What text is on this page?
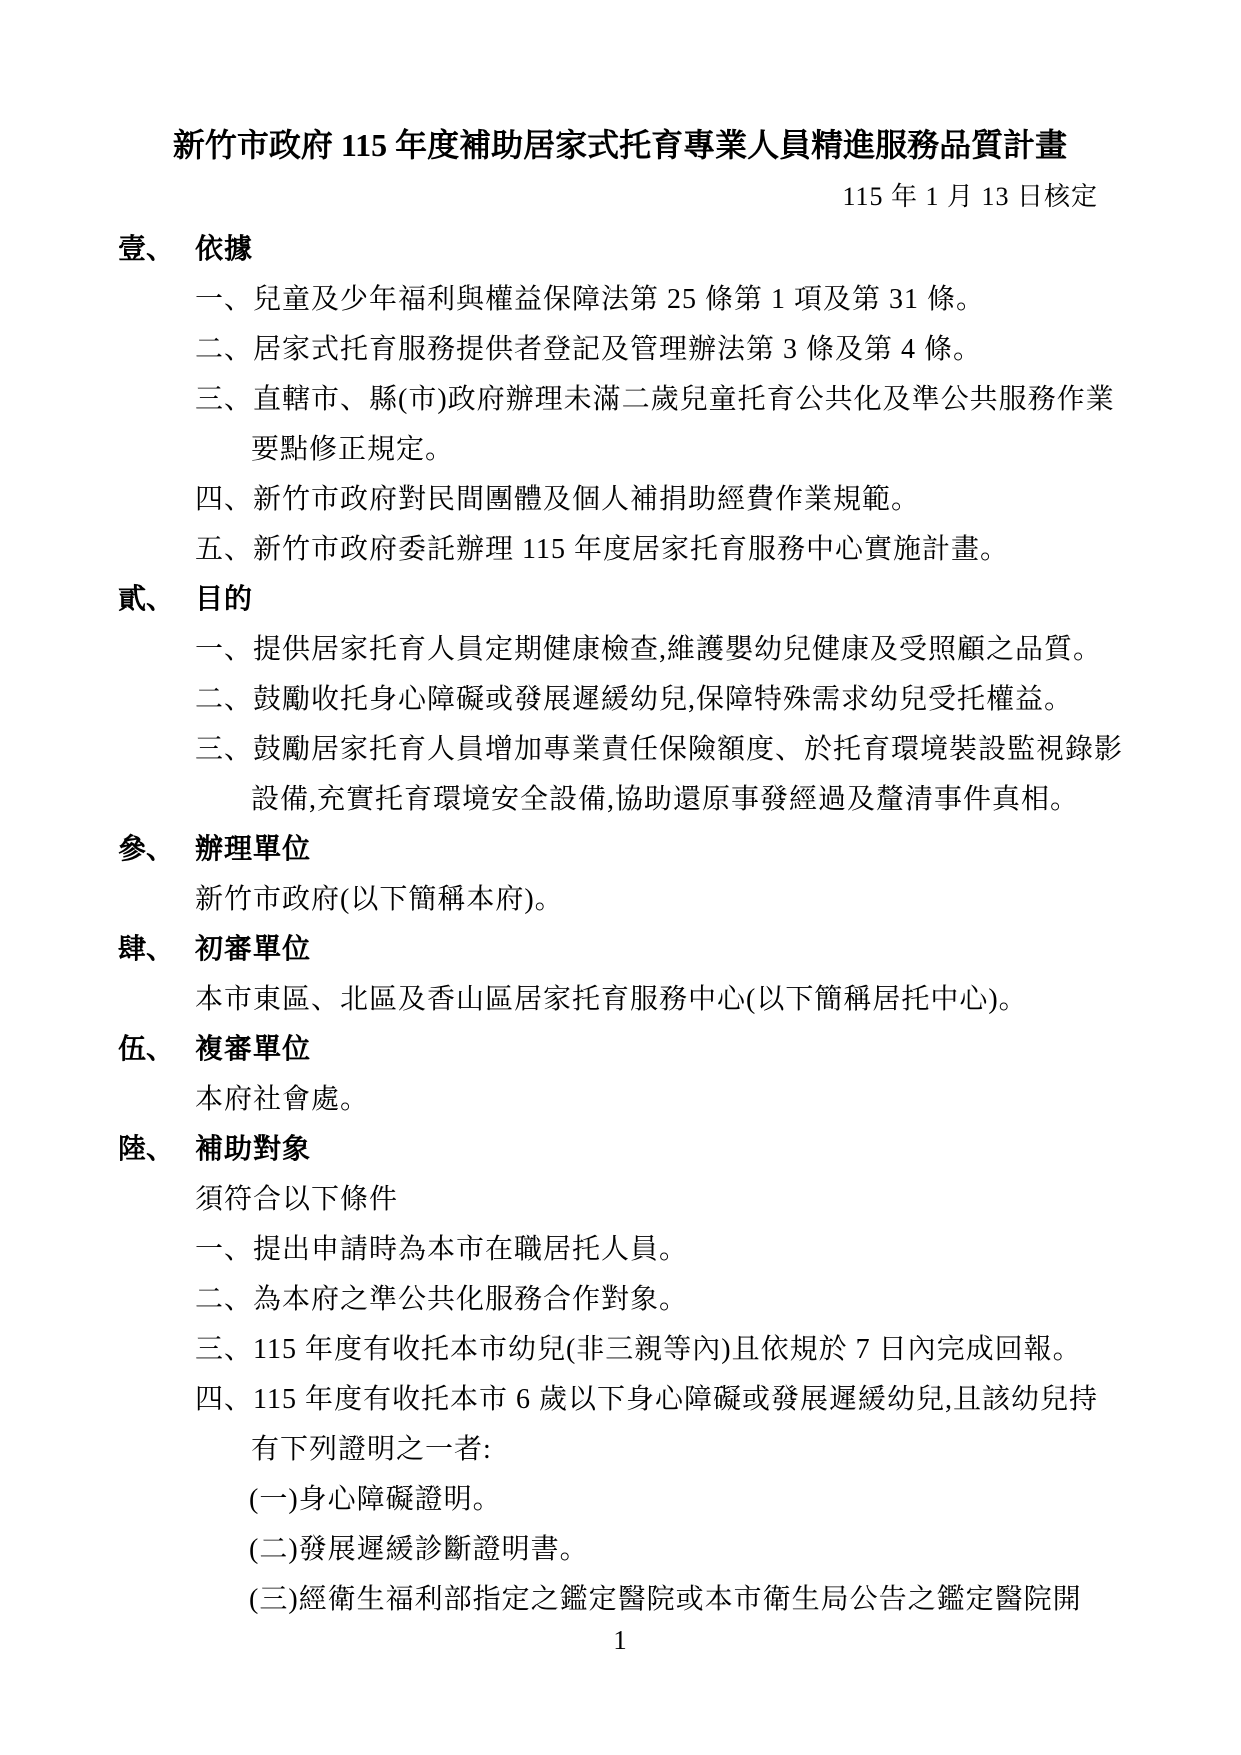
新竹市政府 115 年度補助居家式托育專業人員精進服務品質計畫
115 年 1 月 13 日核定
壹、 依據
一、兒童及少年福利與權益保障法第 25 條第 1 項及第 31 條。
二、居家式托育服務提供者登記及管理辦法第 3 條及第 4 條。
三、直轄市、縣(市)政府辦理未滿二歲兒童托育公共化及準公共服務作業
要點修正規定。
四、新竹市政府對民間團體及個人補捐助經費作業規範。
五、新竹市政府委託辦理 115 年度居家托育服務中心實施計畫。
貳、 目的
一、提供居家托育人員定期健康檢查,維護嬰幼兒健康及受照顧之品質。
二、鼓勵收托身心障礙或發展遲緩幼兒,保障特殊需求幼兒受托權益。
三、鼓勵居家托育人員增加專業責任保險額度、於托育環境裝設監視錄影
設備,充實托育環境安全設備,協助還原事發經過及釐清事件真相。
參、 辦理單位
新竹市政府(以下簡稱本府)。
肆、 初審單位
本市東區、北區及香山區居家托育服務中心(以下簡稱居托中心)。
伍、 複審單位
本府社會處。
陸、 補助對象
須符合以下條件
一、提出申請時為本市在職居托人員。
二、為本府之準公共化服務合作對象。
三、115 年度有收托本市幼兒(非三親等內)且依規於 7 日內完成回報。
四、115 年度有收托本市 6 歲以下身心障礙或發展遲緩幼兒,且該幼兒持
有下列證明之一者:
(一)身心障礙證明。
(二)發展遲緩診斷證明書。
(三)經衛生福利部指定之鑑定醫院或本市衛生局公告之鑑定醫院開
1
